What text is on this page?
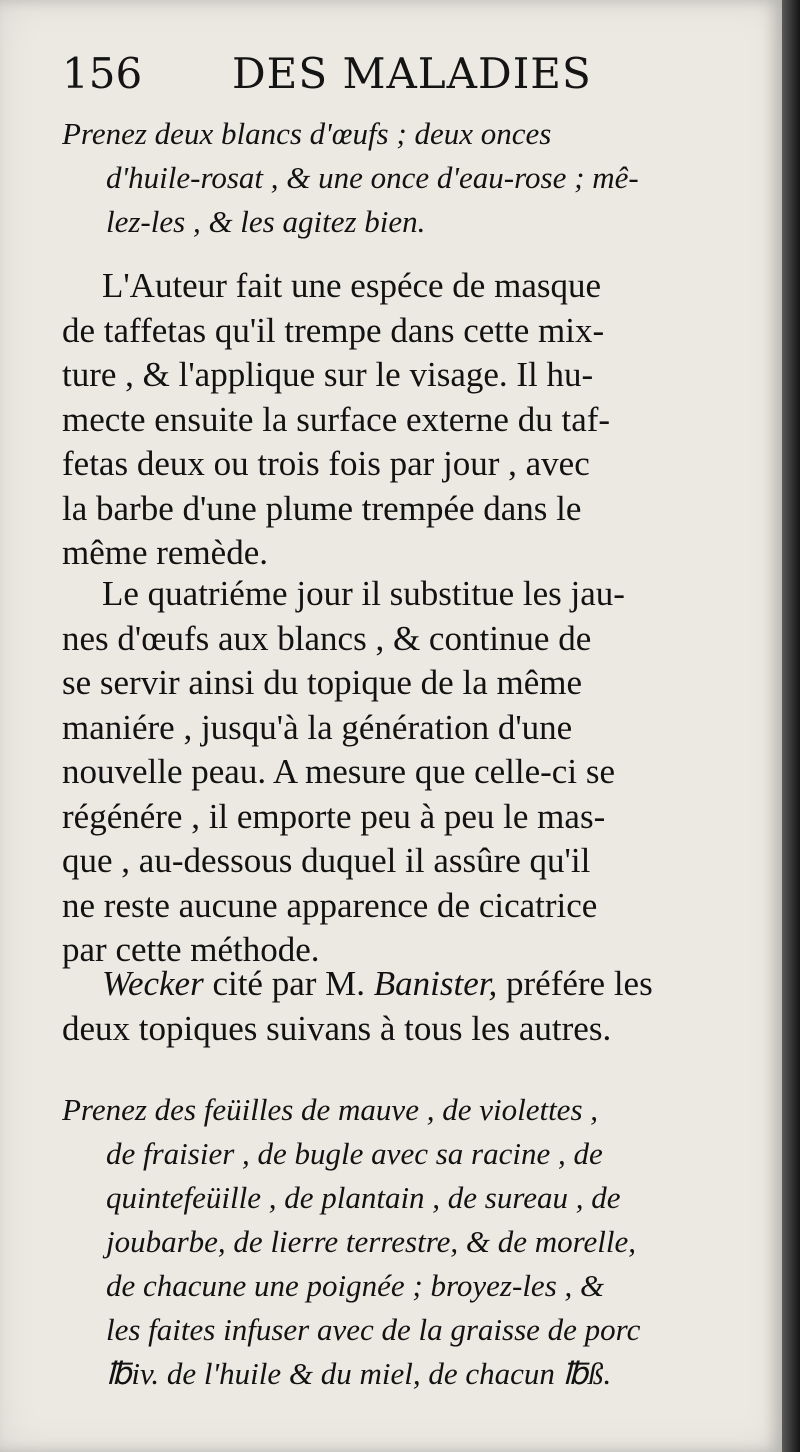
156 DES MALADIES
Prenez deux blancs d'œufs ; deux onces
d'huile-rosat , & une once d'eau-rose ; mê-
lez-les , & les agitez bien.
L'Auteur fait une espéce de masque
de taffetas qu'il trempe dans cette mix-
ture , & l'applique sur le visage. Il hu-
mecte ensuite la surface externe du taf-
fetas deux ou trois fois par jour , avec
la barbe d'une plume trempée dans le
même remède.
Le quatriéme jour il substitue les jau-
nes d'œufs aux blancs , & continue de
se servir ainsi du topique de la même
maniére , jusqu'à la génération d'une
nouvelle peau. A mesure que celle-ci se
régénére , il emporte peu à peu le mas-
que , au-dessous duquel il assûre qu'il
ne reste aucune apparence de cicatrice
par cette méthode.
Wecker cité par M. Banister, préfére les
deux topiques suivans à tous les autres.
Prenez des feüilles de mauve , de violettes ,
de fraisier , de bugle avec sa racine , de
quintefeüille , de plantain , de sureau , de
joubarbe, de lierre terrestre, & de morelle,
de chacune une poignée ; broyez-les , &
les faites infuser avec de la graisse de porc
℔iv. de l'huile & du miel, de chacun ℔ß.
